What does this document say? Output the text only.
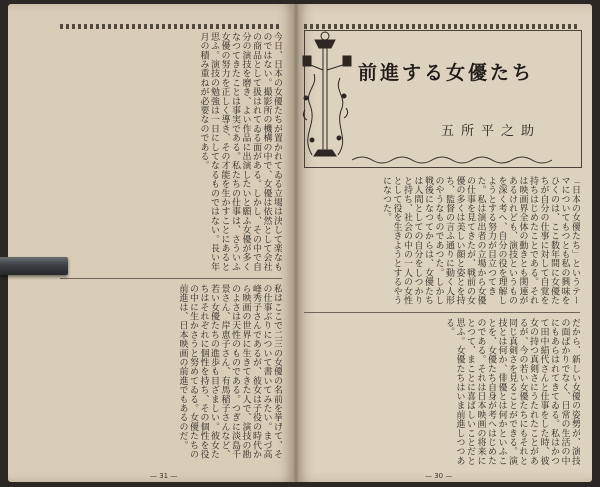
前進する女優たち
五所平之助
「日本の女優たち」というテーマについてもつとも私の興味をひくのは、ここ数年間に女優たちが自分の仕事に対して自覚を持ちはじめたことである。それは映画界全体の動きとも関連があるけれども、演技というものを深く考へ、自分の役を理解しようとする努力が目立つてきた。私は演出者の立場から女優の仕事を見てきたが、戦前の女優の多くは美しい顔と姿とを持ち、監督の言ふ通りに動く人形のやうなものであつた。しかし戦後になつてからは、女優たちは人間としての自分をしつかりと持ち、社会の中の一人の女性として役を生きようとするやうになつた。
だから、新しい女優の姿勢が、演技の面ばかりでなく、日常の生活の中にもあらはれてきてゐる。私はかつて田中絹代さんと仕事をした時、彼女の持つ真剣さにうたれたことがあるが、今の若い女優たちにもそれと同じ真剣さを見ることができる。演技とは何か、俳優とは何かといふことを、女優たち自身が考へはじめたのである。それは日本映画の将来にとつて、まことに喜ばしいことだと思ふ。女優たちはいま前進しつつある。
今日、日本の女優たちが置かれてゐる立場は決して楽なものではない。撮影所の機構の中で、女優は依然として会社の商品として扱はれてゐる面がある。しかし、その中で自分の演技を磨き、よい作品に出演したいと願ふ女優が多くなつてきたことは事実である。私たちの仕事は、さういふ女優の努力を正しく導き、その才能を生かすことにあると思ふ。演技の勉強は一日にしてなるものではない。長い年月の積み重ねが必要なのである。
私はここで二三の女優の名前を挙げて、その仕事ぶりについて書いてみたい。まづ高峰秀子さんであるが、彼女は子役の時代から映画の世界に生きてきた人で、演技の勘のよさは天性のものである。つぎに淡島千景さん、岸恵子さん、有馬稲子さんなど、若い女優たちの進歩も目ざましい。彼女たちはそれぞれに個性を持ち、その個性を役の中に生かさうと努めてゐる。女優たちの前進は、日本映画の前進でもあるのだ。
— 31 —	— 30 —
